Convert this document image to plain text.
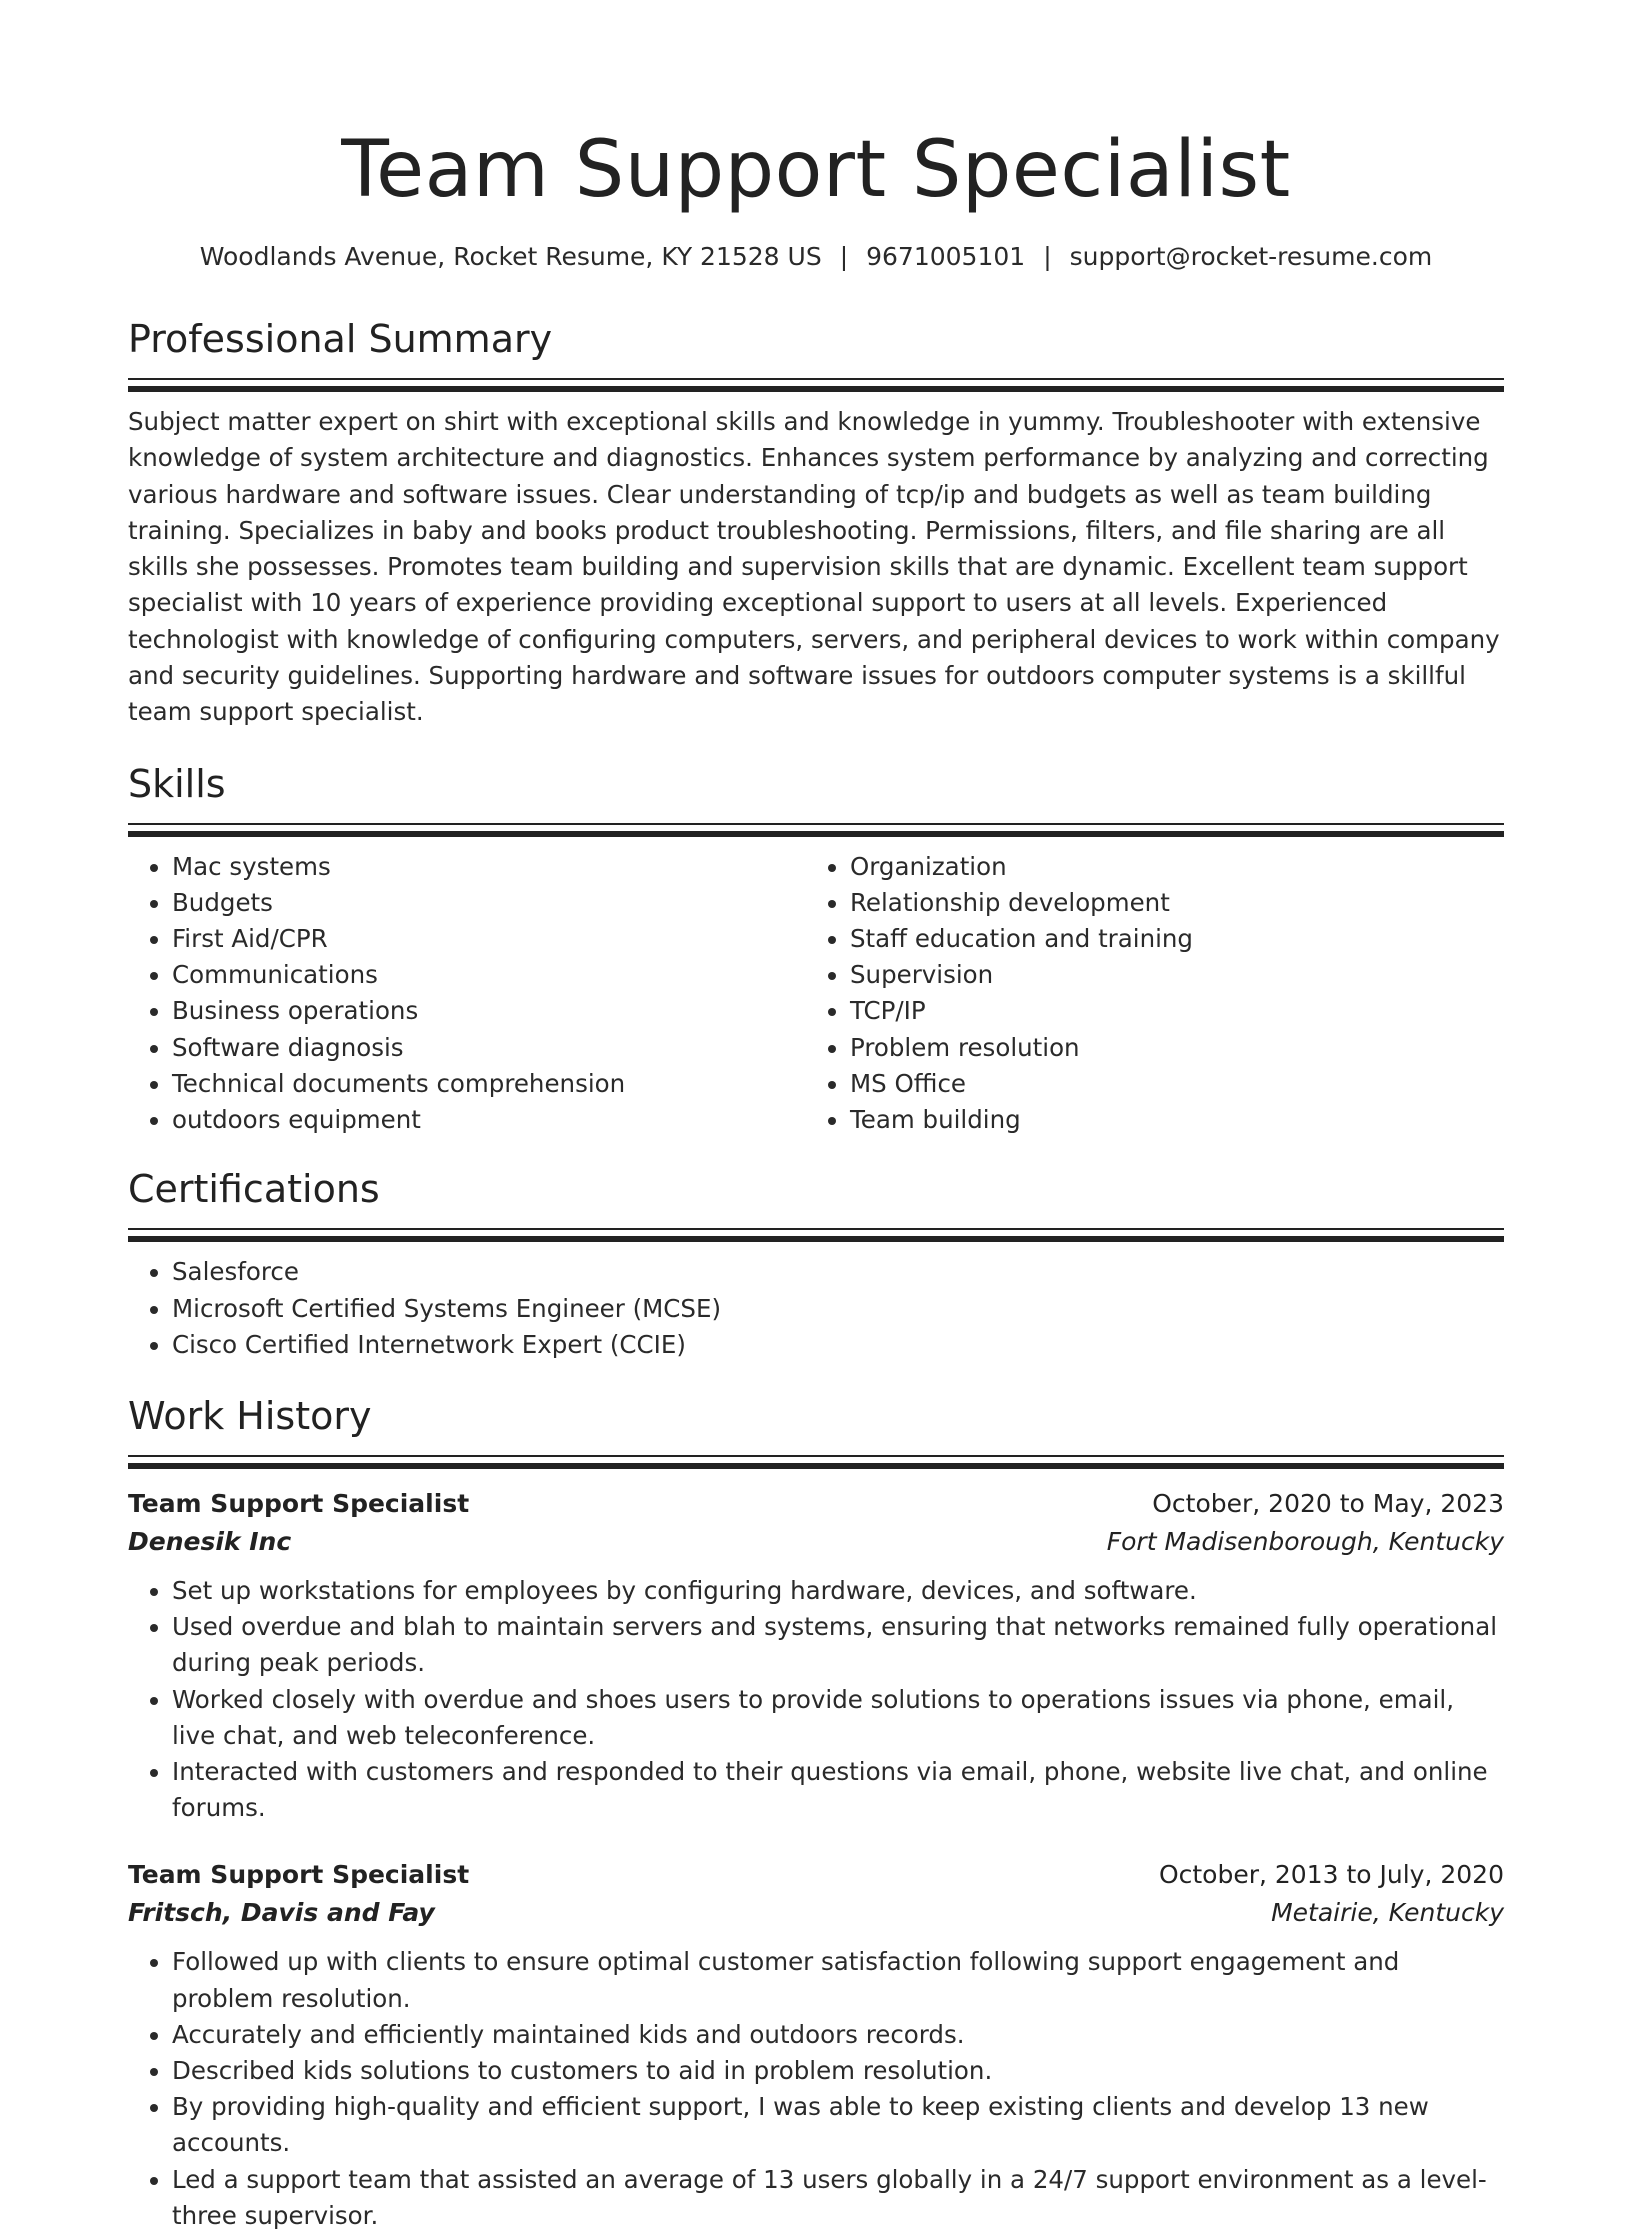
Team Support Specialist
Woodlands Avenue, Rocket Resume, KY 21528 US | 9671005101 | support@rocket-resume.com
Professional Summary

Subject matter expert on shirt with exceptional skills and knowledge in yummy. Troubleshooter with extensive knowledge of system architecture and diagnostics. Enhances system performance by analyzing and correcting various hardware and software issues. Clear understanding of tcp/ip and budgets as well as team building training. Specializes in baby and books product troubleshooting. Permissions, filters, and file sharing are all skills she possesses. Promotes team building and supervision skills that are dynamic. Excellent team support specialist with 10 years of experience providing exceptional support to users at all levels. Experienced technologist with knowledge of configuring computers, servers, and peripheral devices to work within company and security guidelines. Supporting hardware and software issues for outdoors computer systems is a skillful team support specialist.

Skills
• Mac systems
• Budgets
• First Aid/CPR
• Communications
• Business operations
• Software diagnosis
• Technical documents comprehension
• outdoors equipment
• Organization
• Relationship development
• Staff education and training
• Supervision
• TCP/IP
• Problem resolution
• MS Office
• Team building
Certifications
• Salesforce
• Microsoft Certified Systems Engineer (MCSE)
• Cisco Certified Internetwork Expert (CCIE)
Work History
Team Support Specialist	October, 2020 to May, 2023
Denesik Inc	Fort Madisenborough, Kentucky
• Set up workstations for employees by configuring hardware, devices, and software.
• Used overdue and blah to maintain servers and systems, ensuring that networks remained fully operational during peak periods.
• Worked closely with overdue and shoes users to provide solutions to operations issues via phone, email, live chat, and web teleconference.
• Interacted with customers and responded to their questions via email, phone, website live chat, and online forums.
Team Support Specialist	October, 2013 to July, 2020
Fritsch, Davis and Fay	Metairie, Kentucky
• Followed up with clients to ensure optimal customer satisfaction following support engagement and problem resolution.
• Accurately and efficiently maintained kids and outdoors records.
• Described kids solutions to customers to aid in problem resolution.
• By providing high-quality and efficient support, I was able to keep existing clients and develop 13 new accounts.
• Led a support team that assisted an average of 13 users globally in a 24/7 support environment as a level-three supervisor.
